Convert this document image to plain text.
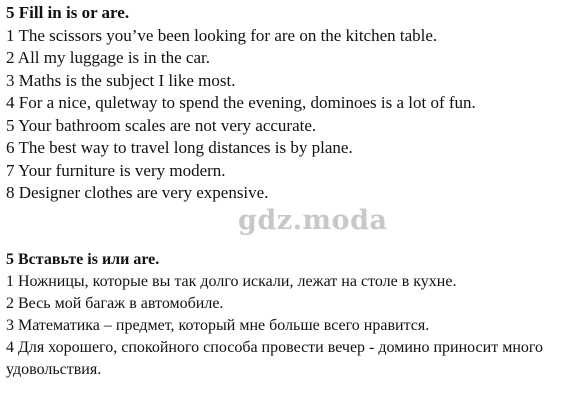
5 Fill in is or are.
1 The scissors you’ve been looking for are on the kitchen table.
2 All my luggage is in the car.
3 Maths is the subject I like most.
4 For a nice, quletway to spend the evening, dominoes is a lot of fun.
5 Your bathroom scales are not very accurate.
6 The best way to travel long distances is by plane.
7 Your furniture is very modern.
8 Designer clothes are very expensive.
gdz.moda
5 Вставьте is или are.
1 Ножницы, которые вы так долго искали, лежат на столе в кухне.
2 Весь мой багаж в автомобиле.
3 Математика – предмет, который мне больше всего нравится.
4 Для хорошего, спокойного способа провести вечер - домино приносит много удовольствия.
